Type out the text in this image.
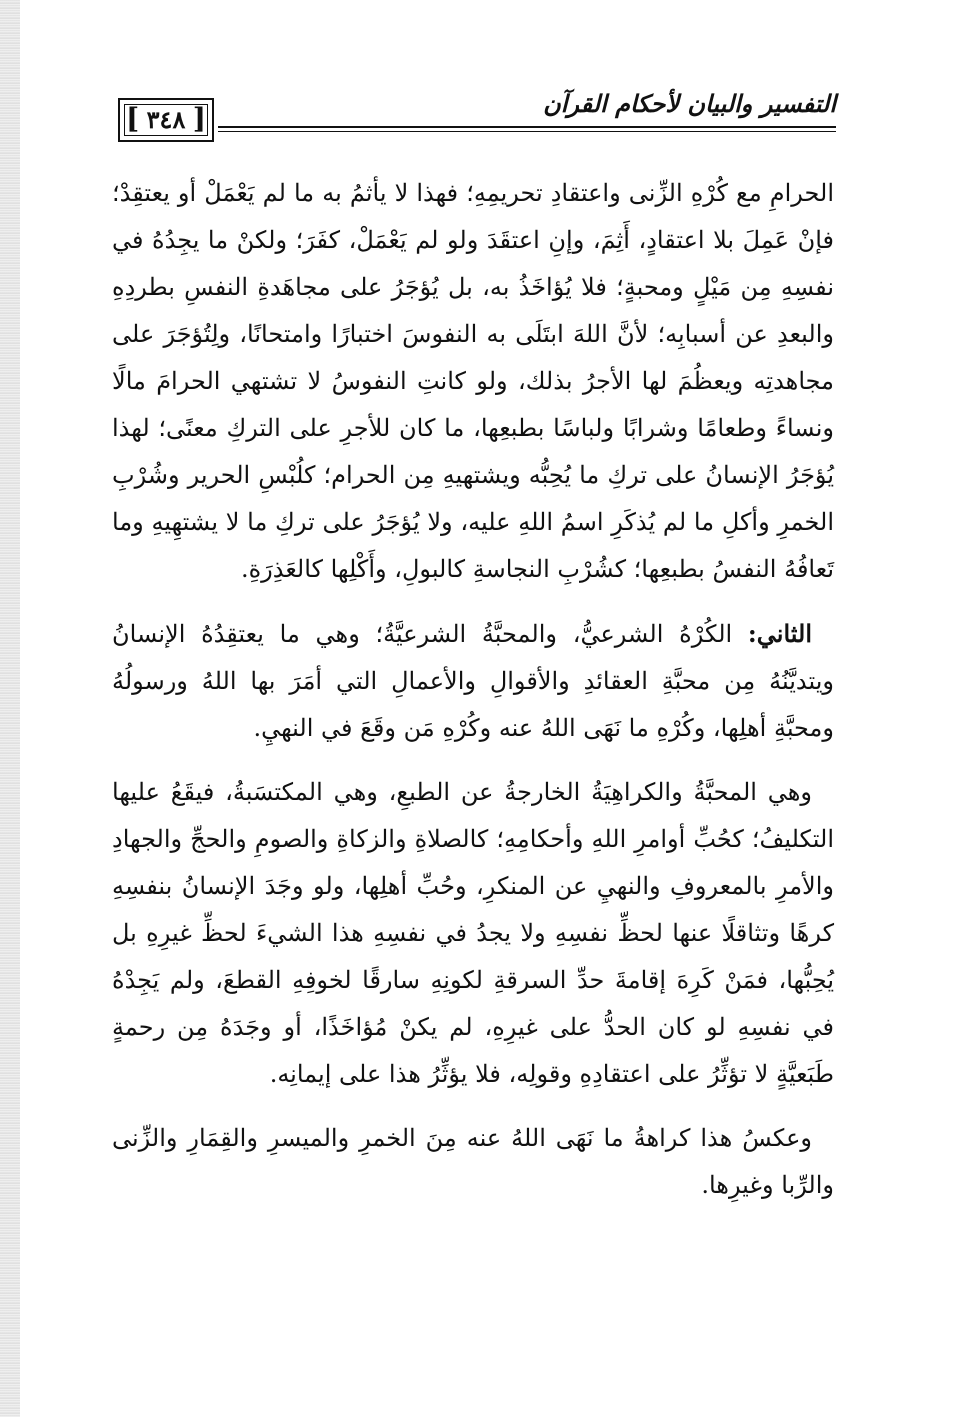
التفسير والبيان لأحكام القرآن
[ ٣٤٨ ]

الحرامِ مع كُرْهِ الزِّنى واعتقادِ تحريمِهِ؛ فهذا لا يأثمُ به ما لم يَعْمَلْ أو يعتقِدْ؛ فإنْ عَمِلَ بلا اعتقادٍ، أَثِمَ، وإنِ اعتقَدَ ولو لم يَعْمَلْ، كفَرَ؛ ولكنْ ما يجِدُهُ في نفسِهِ مِن مَيْلٍ ومحبةٍ؛ فلا يُؤاخَذُ به، بل يُؤجَرُ على مجاهَدةِ النفسِ بطردِهِ والبعدِ عن أسبابِه؛ لأنَّ اللهَ ابتَلَى به النفوسَ اختبارًا وامتحانًا، ولِتُؤجَرَ على مجاهدتِه ويعظُمَ لها الأجرُ بذلك، ولو كانتِ النفوسُ لا تشتهي الحرامَ مالًا ونساءً وطعامًا وشرابًا ولباسًا بطبعِها، ما كان للأجرِ على التركِ معنًى؛ لهذا يُؤجَرُ الإنسانُ على تركِ ما يُحِبُّه ويشتهيهِ مِن الحرام؛ كلُبْسِ الحرير وشُرْبِ الخمرِ وأكلِ ما لم يُذكَرِ اسمُ اللهِ عليه، ولا يُؤجَرُ على تركِ ما لا يشتهِيهِ وما تَعافُهُ النفسُ بطبعِها؛ كشُرْبِ النجاسةِ كالبولِ، وأَكْلِها كالعَذِرَةِ.

الثاني: الكُرْهُ الشرعيُّ، والمحبَّةُ الشرعيَّةُ؛ وهي ما يعتقِدُهُ الإنسانُ ويتديَّنُهُ مِن محبَّةِ العقائدِ والأقوالِ والأعمالِ التي أمَرَ بها اللهُ ورسولُهُ ومحبَّةِ أهلِها، وكُرْهِ ما نَهَى اللهُ عنه وكُرْهِ مَن وقَعَ في النهيِ.

وهي المحبَّةُ والكراهِيَةُ الخارجةُ عن الطبعِ، وهي المكتسَبةُ، فيقَعُ عليها التكليفُ؛ كحُبِّ أوامرِ اللهِ وأحكامِهِ؛ كالصلاةِ والزكاةِ والصومِ والحجِّ والجهادِ والأمرِ بالمعروفِ والنهيِ عن المنكرِ، وحُبِّ أهلِها، ولو وجَدَ الإنسانُ بنفسِهِ كرهًا وتثاقلًا عنها لحظِّ نفسِهِ ولا يجدُ في نفسِهِ هذا الشيءَ لحظِّ غيرِهِ بل يُحِبُّها، فمَنْ كَرِهَ إقامةَ حدِّ السرقةِ لكونِهِ سارقًا لخوفِهِ القطعَ، ولم يَجِدْهُ في نفسِهِ لو كان الحدُّ على غيرِهِ، لم يكنْ مُؤاخَذًا، أو وجَدَهُ مِن رحمةٍ طَبَعيَّةٍ لا تؤثِّرُ على اعتقادِهِ وقولِه، فلا يؤثِّرُ هذا على إيمانِه.

وعكسُ هذا كراهةُ ما نَهَى اللهُ عنه مِنَ الخمرِ والميسرِ والقِمَارِ والزِّنى والرِّبا وغيرِها.
